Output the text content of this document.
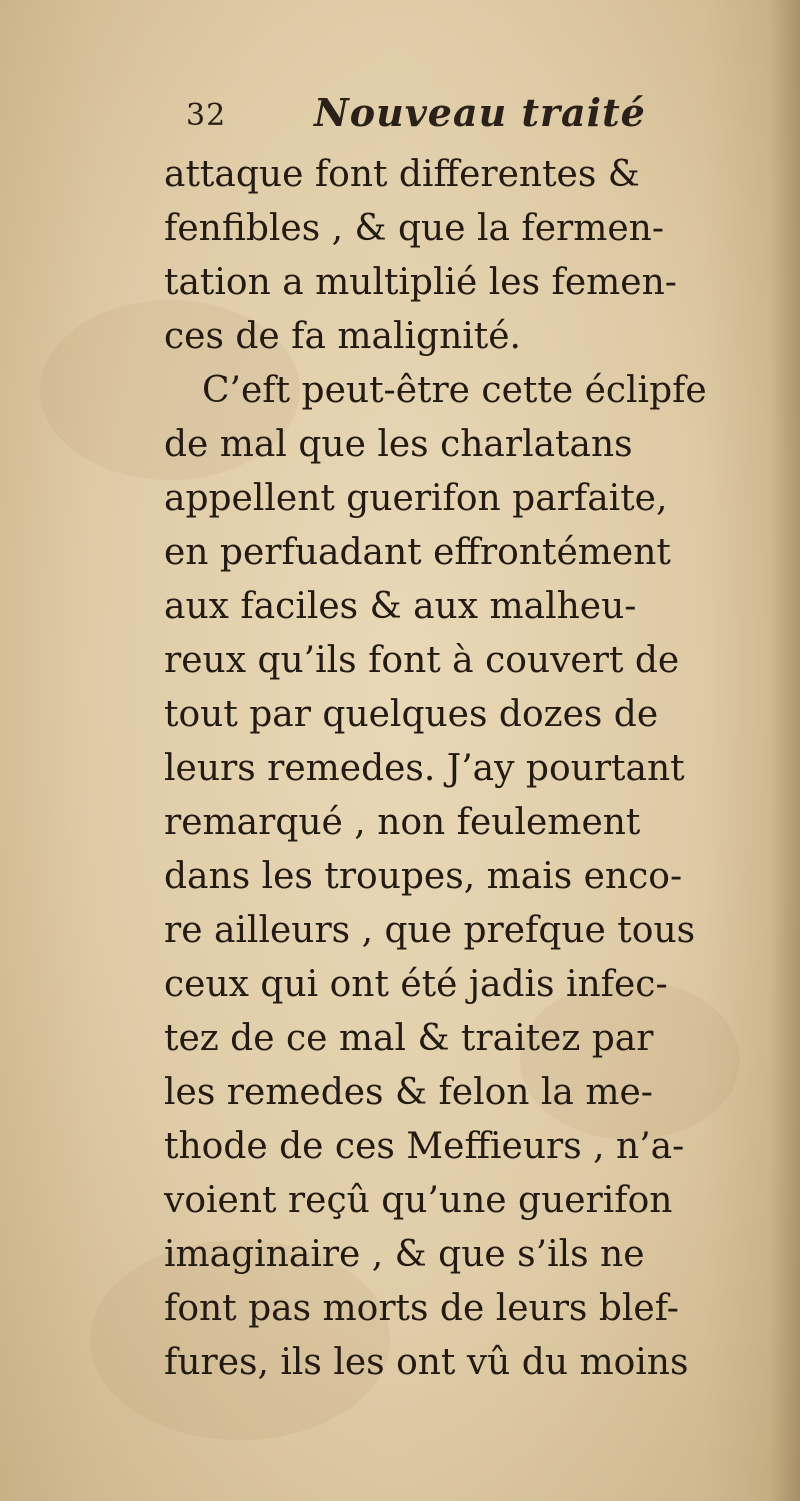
32 Nouveau traité
attaque font differentes &
fenfibles , & que la fermen-
tation a multiplié les femen-
ces de fa malignité.
C’eft peut-être cette éclipfe
de mal que les charlatans
appellent guerifon parfaite,
en perfuadant effrontément
aux faciles & aux malheu-
reux qu’ils font à couvert de
tout par quelques dozes de
leurs remedes. J’ay pourtant
remarqué , non feulement
dans les troupes, mais enco-
re ailleurs , que prefque tous
ceux qui ont été jadis infec-
tez de ce mal & traitez par
les remedes & felon la me-
thode de ces Meffieurs , n’a-
voient reçû qu’une guerifon
imaginaire , & que s’ils ne
font pas morts de leurs blef-
fures, ils les ont vû du moins
